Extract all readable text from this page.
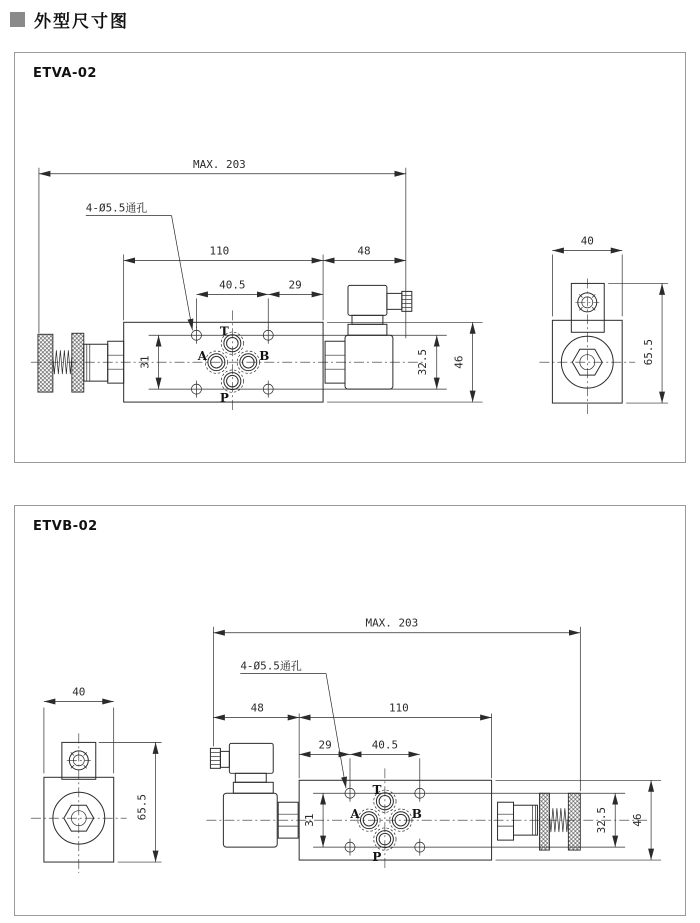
外型尺寸图
ETVA-02
T
A	B
P
4-Ø5.5通孔
MAX. 203
110	48
40.5	29
31	32.5 46
40
65.5
ETVB-02
40
65.5
T
A	B
P
4-Ø5.5通孔
MAX. 203
48	110
29	40.5
31	32.5 46
